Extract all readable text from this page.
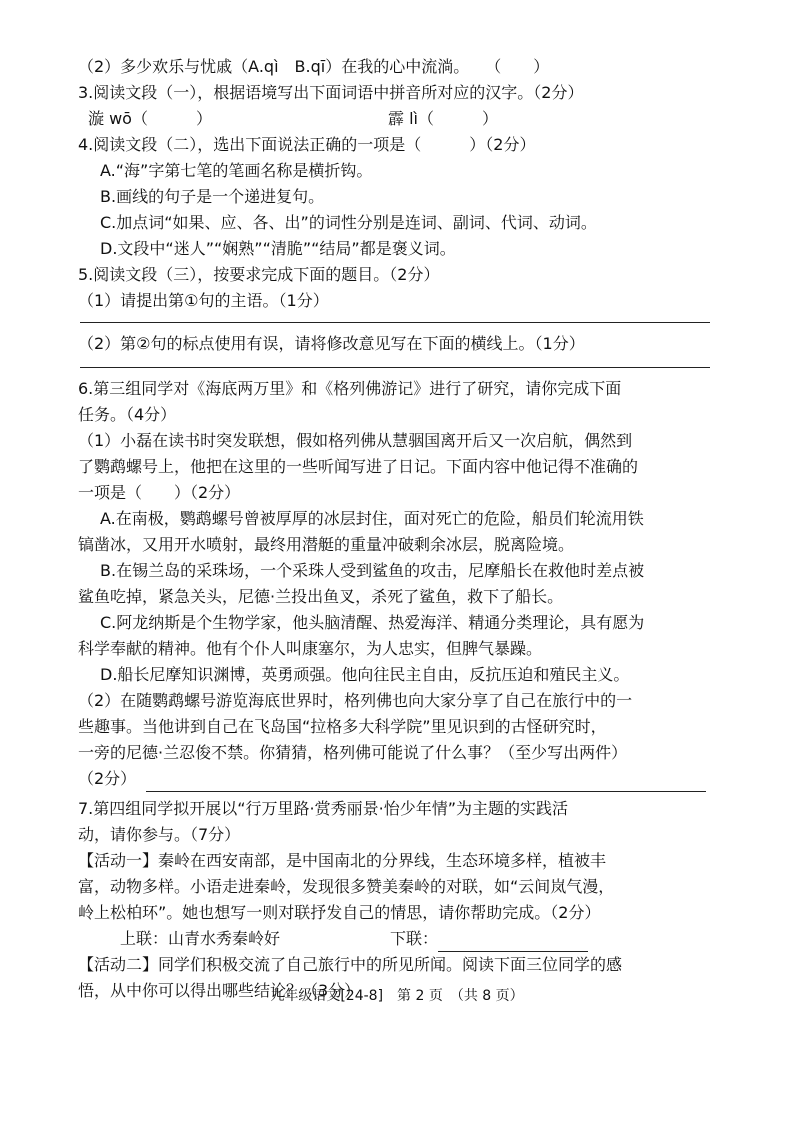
（2）多少欢乐与忧戚（A.qì　B.qī）在我的心中流淌。　　（　　）
3.阅读文段（一），根据语境写出下面词语中拼音所对应的汉字。（2分）
漩 wō（　　　）	霹 lì（　　　）
4.阅读文段（二），选出下面说法正确的一项是（　　　）（2分）
A.“海”字第七笔的笔画名称是横折钩。
B.画线的句子是一个递进复句。
C.加点词“如果、应、各、出”的词性分别是连词、副词、代词、动词。
D.文段中“迷人”“娴熟”“清脆”“结局”都是褒义词。
5.阅读文段（三），按要求完成下面的题目。（2分）
（1）请提出第①句的主语。（1分）
（2）第②句的标点使用有误，请将修改意见写在下面的横线上。（1分）
6.第三组同学对《海底两万里》和《格列佛游记》进行了研究，请你完成下面
任务。（4分）
（1）小磊在读书时突发联想，假如格列佛从慧骃国离开后又一次启航，偶然到
了鹦鹉螺号上，他把在这里的一些听闻写进了日记。下面内容中他记得不准确的
一项是（　　）（2分）
A.在南极，鹦鹉螺号曾被厚厚的冰层封住，面对死亡的危险，船员们轮流用铁
镐凿冰，又用开水喷射，最终用潜艇的重量冲破剩余冰层，脱离险境。
B.在锡兰岛的采珠场，一个采珠人受到鲨鱼的攻击，尼摩船长在救他时差点被
鲨鱼吃掉，紧急关头，尼德·兰投出鱼叉，杀死了鲨鱼，救下了船长。
C.阿龙纳斯是个生物学家，他头脑清醒、热爱海洋、精通分类理论，具有愿为
科学奉献的精神。他有个仆人叫康塞尔，为人忠实，但脾气暴躁。
D.船长尼摩知识渊博，英勇顽强。他向往民主自由，反抗压迫和殖民主义。
（2）在随鹦鹉螺号游览海底世界时，格列佛也向大家分享了自己在旅行中的一
些趣事。当他讲到自己在飞岛国“拉格多大科学院”里见识到的古怪研究时，
一旁的尼德·兰忍俊不禁。你猜猜，格列佛可能说了什么事？（至少写出两件）
（2分）
7.第四组同学拟开展以“行万里路·赏秀丽景·怡少年情”为主题的实践活
动，请你参与。（7分）
【活动一】秦岭在西安南部，是中国南北的分界线，生态环境多样，植被丰
富，动物多样。小语走进秦岭，发现很多赞美秦岭的对联，如“云间岚气漫，
岭上松柏环”。她也想写一则对联抒发自己的情思，请你帮助完成。（2分）
上联：山青水秀秦岭好	下联：
【活动二】同学们积极交流了自己旅行中的所见所闻。阅读下面三位同学的感
悟，从中你可以得出哪些结论？（3分）
九年级语文[24-8]　第 2 页　（共 8 页）
